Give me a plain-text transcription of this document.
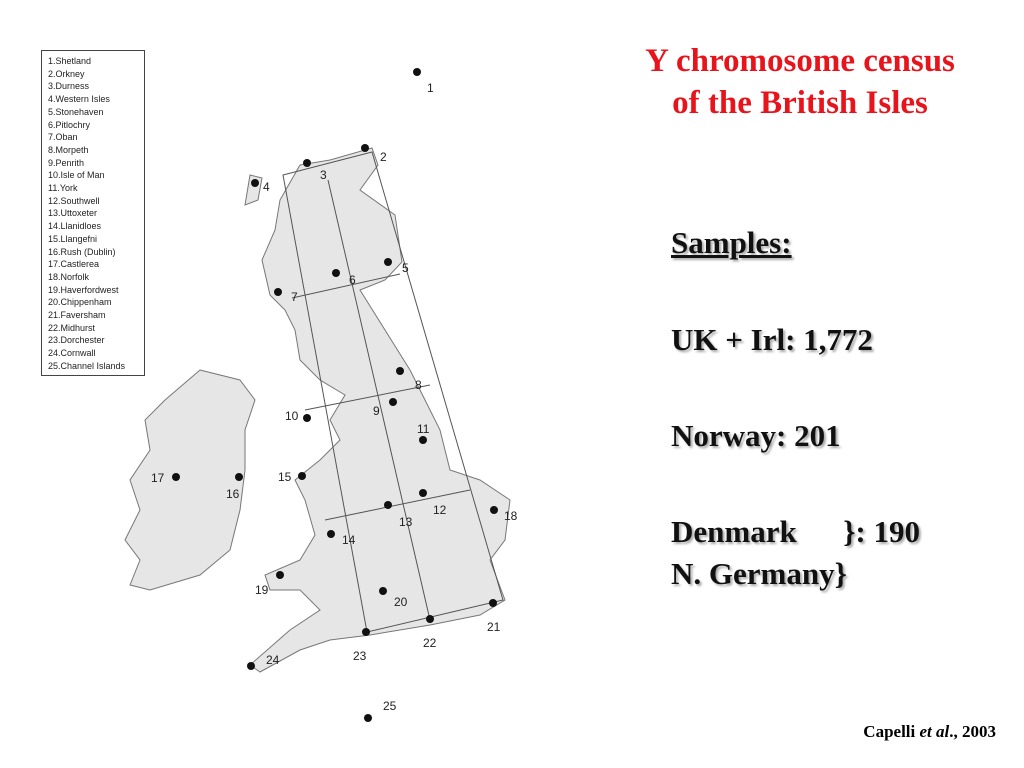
1
2
3
4
5
6
7
8
9
10
11
12
13
14
15
16
17
18
19
20
21
22
23
24
25
1.Shetland
2.Orkney
3.Durness
4.Western Isles
5.Stonehaven
6.Pitlochry
7.Oban
8.Morpeth
9.Penrith
10.Isle of Man
11.York
12.Southwell
13.Uttoxeter
14.Llanidloes
15.Llangefni
16.Rush (Dublin)
17.Castlerea
18.Norfolk
19.Haverfordwest
20.Chippenham
21.Faversham
22.Midhurst
23.Dorchester
24.Cornwall
25.Channel Islands
Y chromosome census
of the British Isles
Samples:
UK + Irl: 1,772
Norway: 201
Denmark      }: 190
N. Germany}
Capelli et al., 2003
